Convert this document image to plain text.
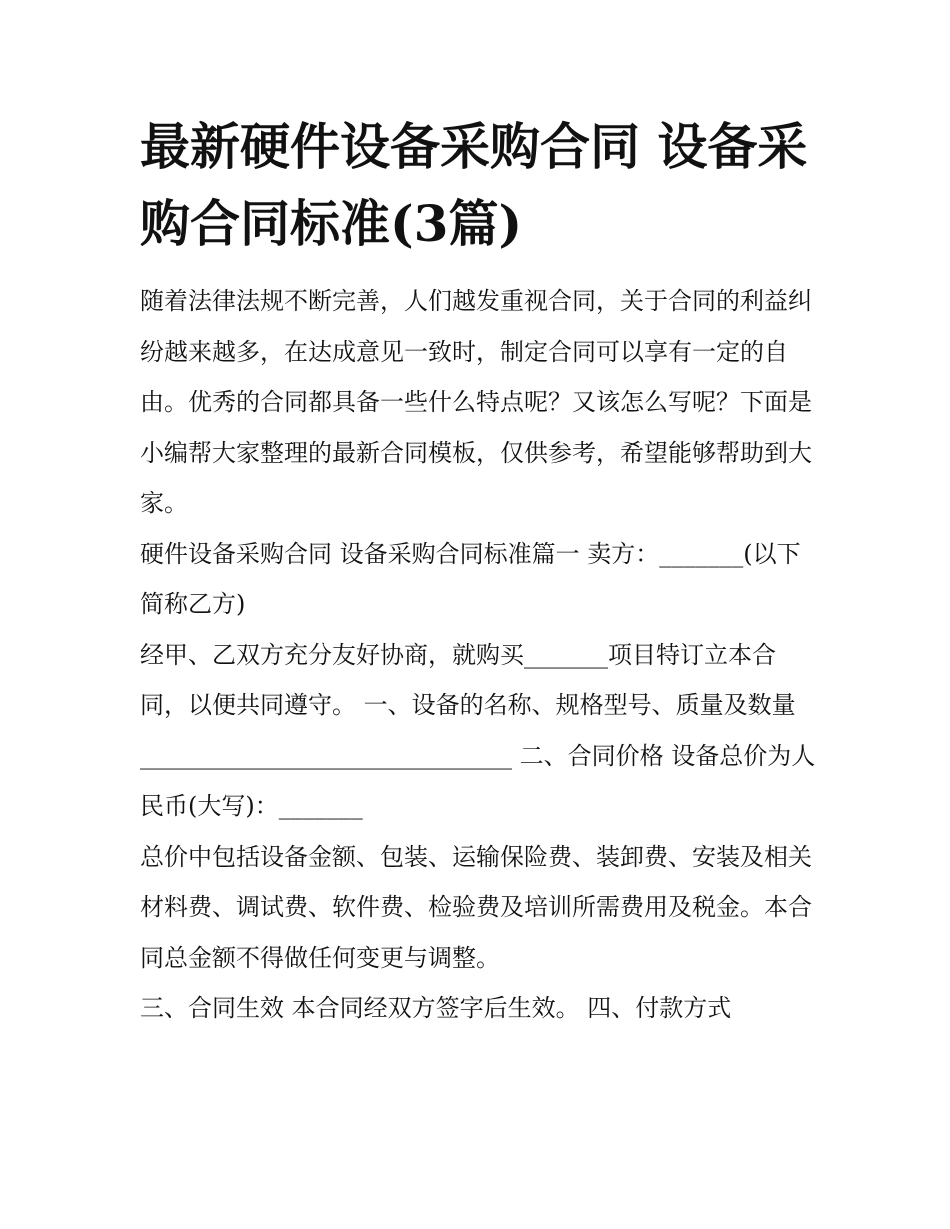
最新硬件设备采购合同 设备采购合同标准(3篇)

随着法律法规不断完善，人们越发重视合同，关于合同的利益纠纷越来越多，在达成意见一致时，制定合同可以享有一定的自由。优秀的合同都具备一些什么特点呢？又该怎么写呢？下面是小编帮大家整理的最新合同模板，仅供参考，希望能够帮助到大家。

硬件设备采购合同 设备采购合同标准篇一 卖方：_______(以下简称乙方)

经甲、乙双方充分友好协商，就购买_______项目特订立本合同，以便共同遵守。 一、设备的名称、规格型号、质量及数量

_______________________________ 二、合同价格 设备总价为人民币(大写)：_______

总价中包括设备金额、包装、运输保险费、装卸费、安装及相关材料费、调试费、软件费、检验费及培训所需费用及税金。本合同总金额不得做任何变更与调整。

三、合同生效 本合同经双方签字后生效。 四、付款方式
